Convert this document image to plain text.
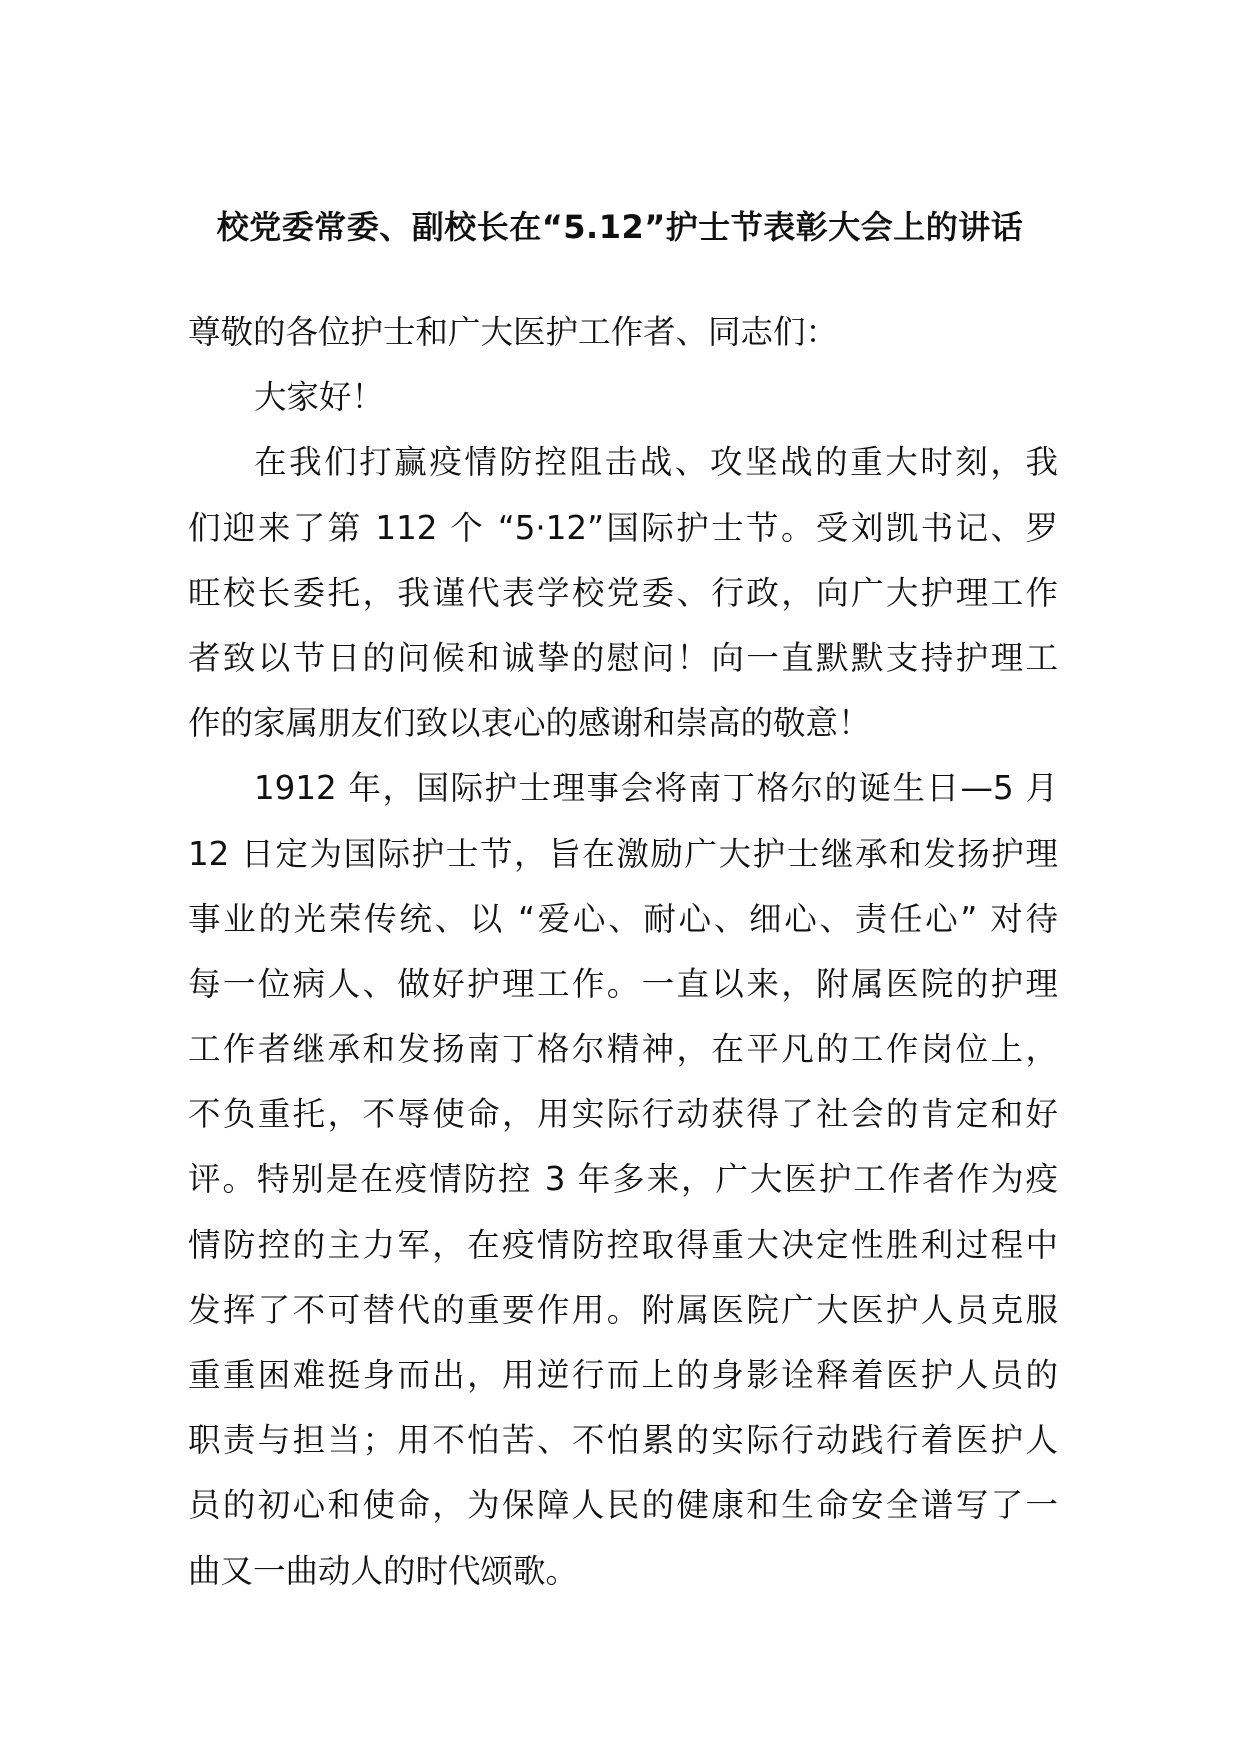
校党委常委、副校长在“5.12”护士节表彰大会上的讲话
尊敬的各位护士和广大医护工作者、同志们：
大家好！
在我们打赢疫情防控阻击战、攻坚战的重大时刻，我
们迎来了第 112 个 “5·12”国际护士节。受刘凯书记、罗
旺校长委托，我谨代表学校党委、行政，向广大护理工作
者致以节日的问候和诚挚的慰问！向一直默默支持护理工
作的家属朋友们致以衷心的感谢和崇高的敬意！
1912 年，国际护士理事会将南丁格尔的诞生日—5 月
12 日定为国际护士节，旨在激励广大护士继承和发扬护理
事业的光荣传统、以 “爱心、耐心、细心、责任心” 对待
每一位病人、做好护理工作。一直以来，附属医院的护理
工作者继承和发扬南丁格尔精神，在平凡的工作岗位上，
不负重托，不辱使命，用实际行动获得了社会的肯定和好
评。特别是在疫情防控 3 年多来，广大医护工作者作为疫
情防控的主力军，在疫情防控取得重大决定性胜利过程中
发挥了不可替代的重要作用。附属医院广大医护人员克服
重重困难挺身而出，用逆行而上的身影诠释着医护人员的
职责与担当；用不怕苦、不怕累的实际行动践行着医护人
员的初心和使命，为保障人民的健康和生命安全谱写了一
曲又一曲动人的时代颂歌。
